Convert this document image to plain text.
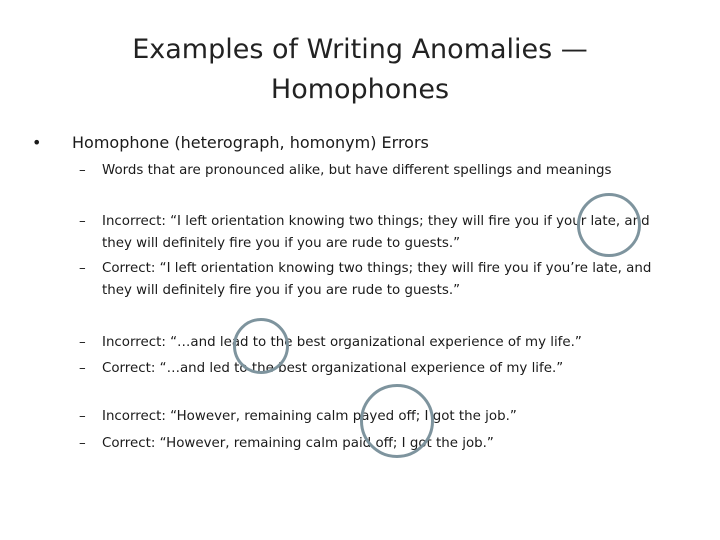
Examples of Writing Anomalies —
Homophones
• Homophone (heterograph, homonym) Errors
–	Words that are pronounced alike, but have different spellings and meanings
–	Incorrect: “I left orientation knowing two things; they will fire you if your late, and they will definitely fire you if you are rude to guests.”
–	Correct: “I left orientation knowing two things; they will fire you if you’re late, and they will definitely fire you if you are rude to guests.”
–	Incorrect: “…and lead to the best organizational experience of my life.”
–	Correct: “…and led to the best organizational experience of my life.”
–	Incorrect: “However, remaining calm payed off; I got the job.”
–	Correct: “However, remaining calm paid off; I got the job.”
